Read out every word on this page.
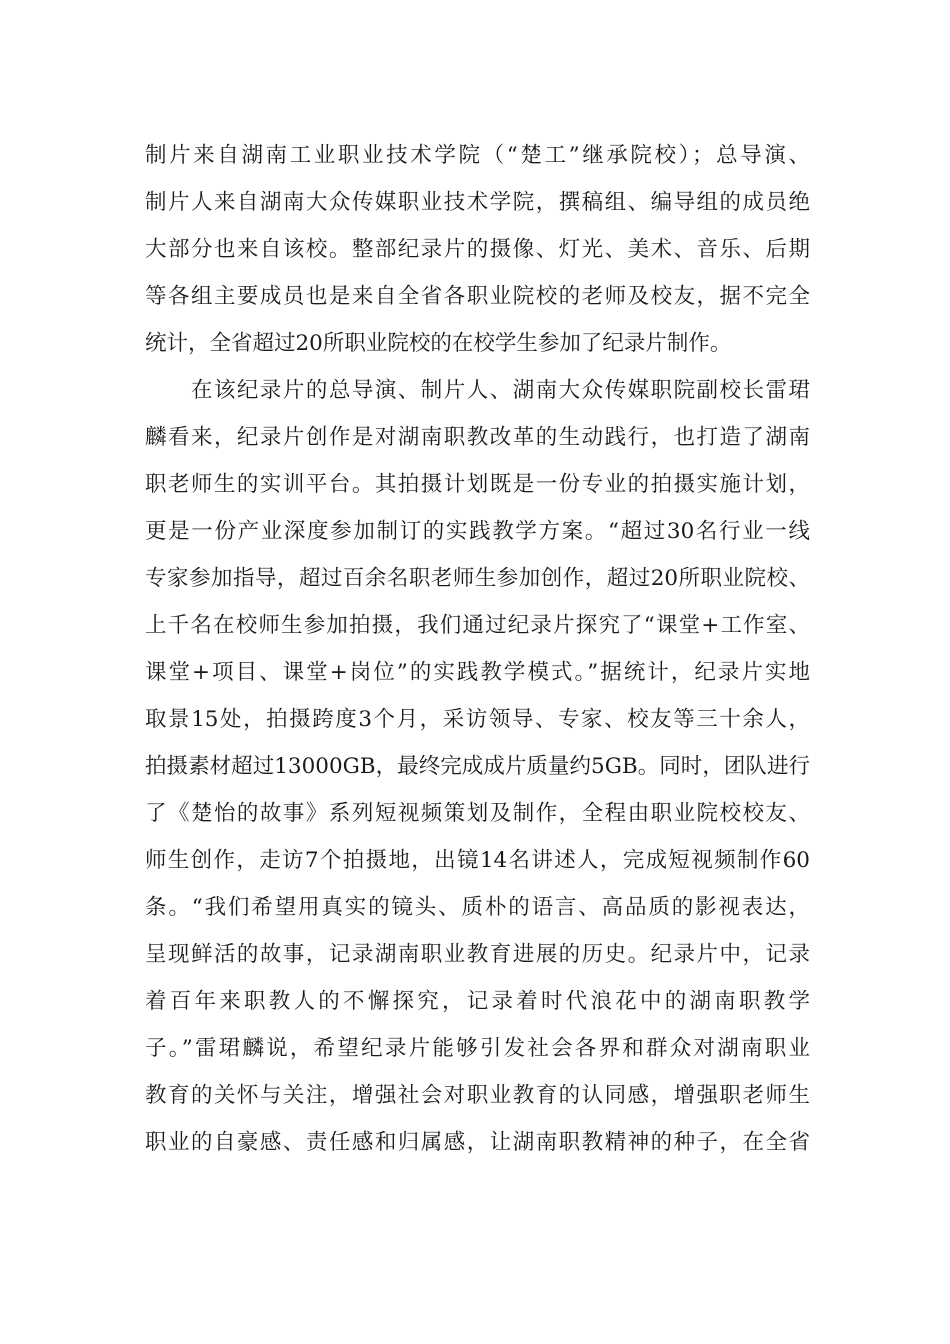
制片来自湖南工业职业技术学院（“楚工”继承院校）；总导演、
制片人来自湖南大众传媒职业技术学院，撰稿组、编导组的成员绝
大部分也来自该校。整部纪录片的摄像、灯光、美术、音乐、后期
等各组主要成员也是来自全省各职业院校的老师及校友，据不完全
统计，全省超过20所职业院校的在校学生参加了纪录片制作。
　　在该纪录片的总导演、制片人、湖南大众传媒职院副校长雷珺
麟看来，纪录片创作是对湖南职教改革的生动践行，也打造了湖南
职老师生的实训平台。其拍摄计划既是一份专业的拍摄实施计划，
更是一份产业深度参加制订的实践教学方案。“超过30名行业一线
专家参加指导，超过百余名职老师生参加创作，超过20所职业院校、
上千名在校师生参加拍摄，我们通过纪录片探究了“课堂+工作室、
课堂+项目、课堂+岗位”的实践教学模式。”据统计，纪录片实地
取景15处，拍摄跨度3个月，采访领导、专家、校友等三十余人，
拍摄素材超过13000GB，最终完成成片质量约5GB。同时，团队进行
了《楚怡的故事》系列短视频策划及制作，全程由职业院校校友、
师生创作，走访7个拍摄地，出镜14名讲述人，完成短视频制作60
条。“我们希望用真实的镜头、质朴的语言、高品质的影视表达，
呈现鲜活的故事，记录湖南职业教育进展的历史。纪录片中，记录
着百年来职教人的不懈探究，记录着时代浪花中的湖南职教学
子。”雷珺麟说，希望纪录片能够引发社会各界和群众对湖南职业
教育的关怀与关注，增强社会对职业教育的认同感，增强职老师生
职业的自豪感、责任感和归属感，让湖南职教精神的种子，在全省
